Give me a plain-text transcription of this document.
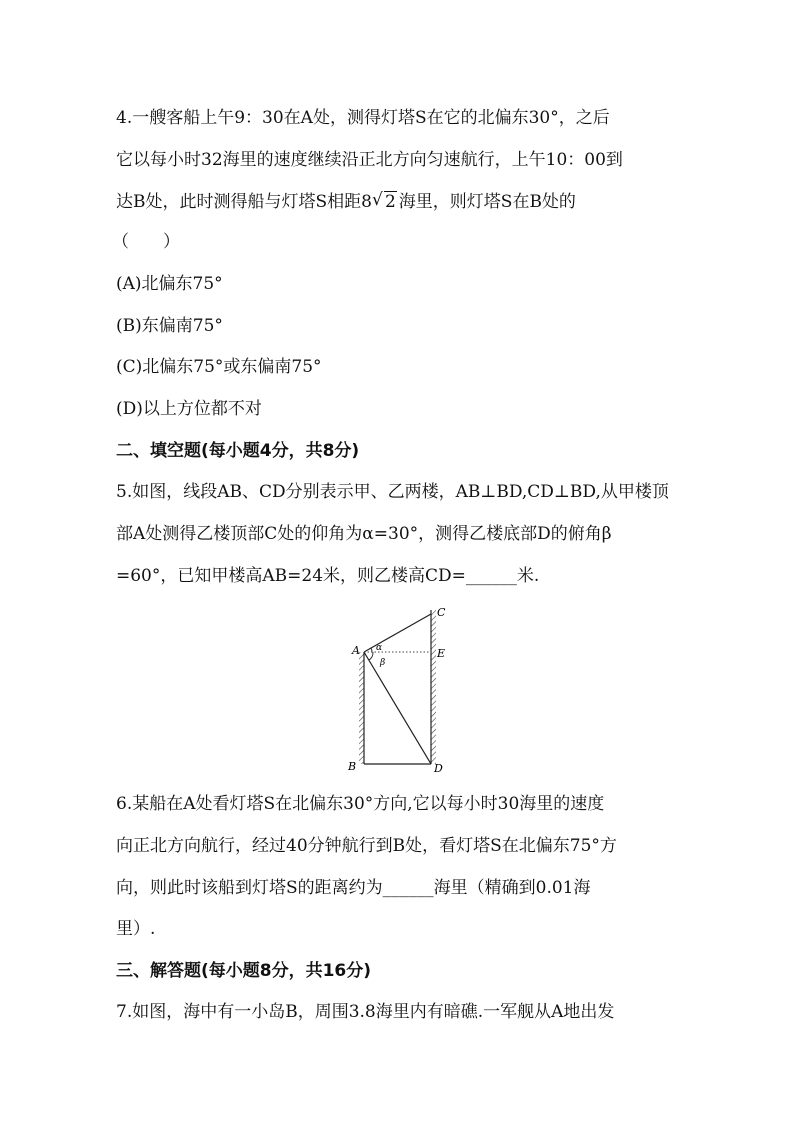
4.一艘客船上午9：30在A处，测得灯塔S在它的北偏东30°，之后
它以每小时32海里的速度继续沿正北方向匀速航行，上午10：00到
达B处，此时测得船与灯塔S相距8√ 2 海里，则灯塔S在B处的
（　　）
(A)北偏东75°
(B)东偏南75°
(C)北偏东75°或东偏南75°
(D)以上方位都不对
二、填空题(每小题4分，共8分)
5.如图，线段AB、CD分别表示甲、乙两楼，AB⊥BD,CD⊥BD,从甲楼顶
部A处测得乙楼顶部C处的仰角为α=30°，测得乙楼底部D的俯角β
=60°，已知甲楼高AB=24米，则乙楼高CD=______米.
A
B
C
D
E
α
β
6.某船在A处看灯塔S在北偏东30°方向,它以每小时30海里的速度
向正北方向航行，经过40分钟航行到B处，看灯塔S在北偏东75°方
向，则此时该船到灯塔S的距离约为______海里（精确到0.01海
里）.
三、解答题(每小题8分，共16分)
7.如图，海中有一小岛B，周围3.8海里内有暗礁.一军舰从A地出发
